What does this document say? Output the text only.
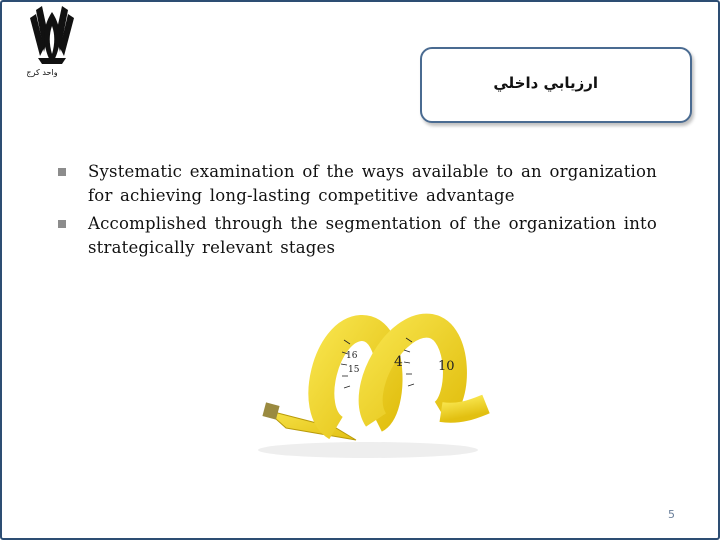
واحد کرج
ارزيابي داخلي
Systematic examination of the ways available to an organization for achieving long-lasting competitive advantage
Accomplished through the segmentation of the organization into strategically relevant stages
4	10
16
15
5
